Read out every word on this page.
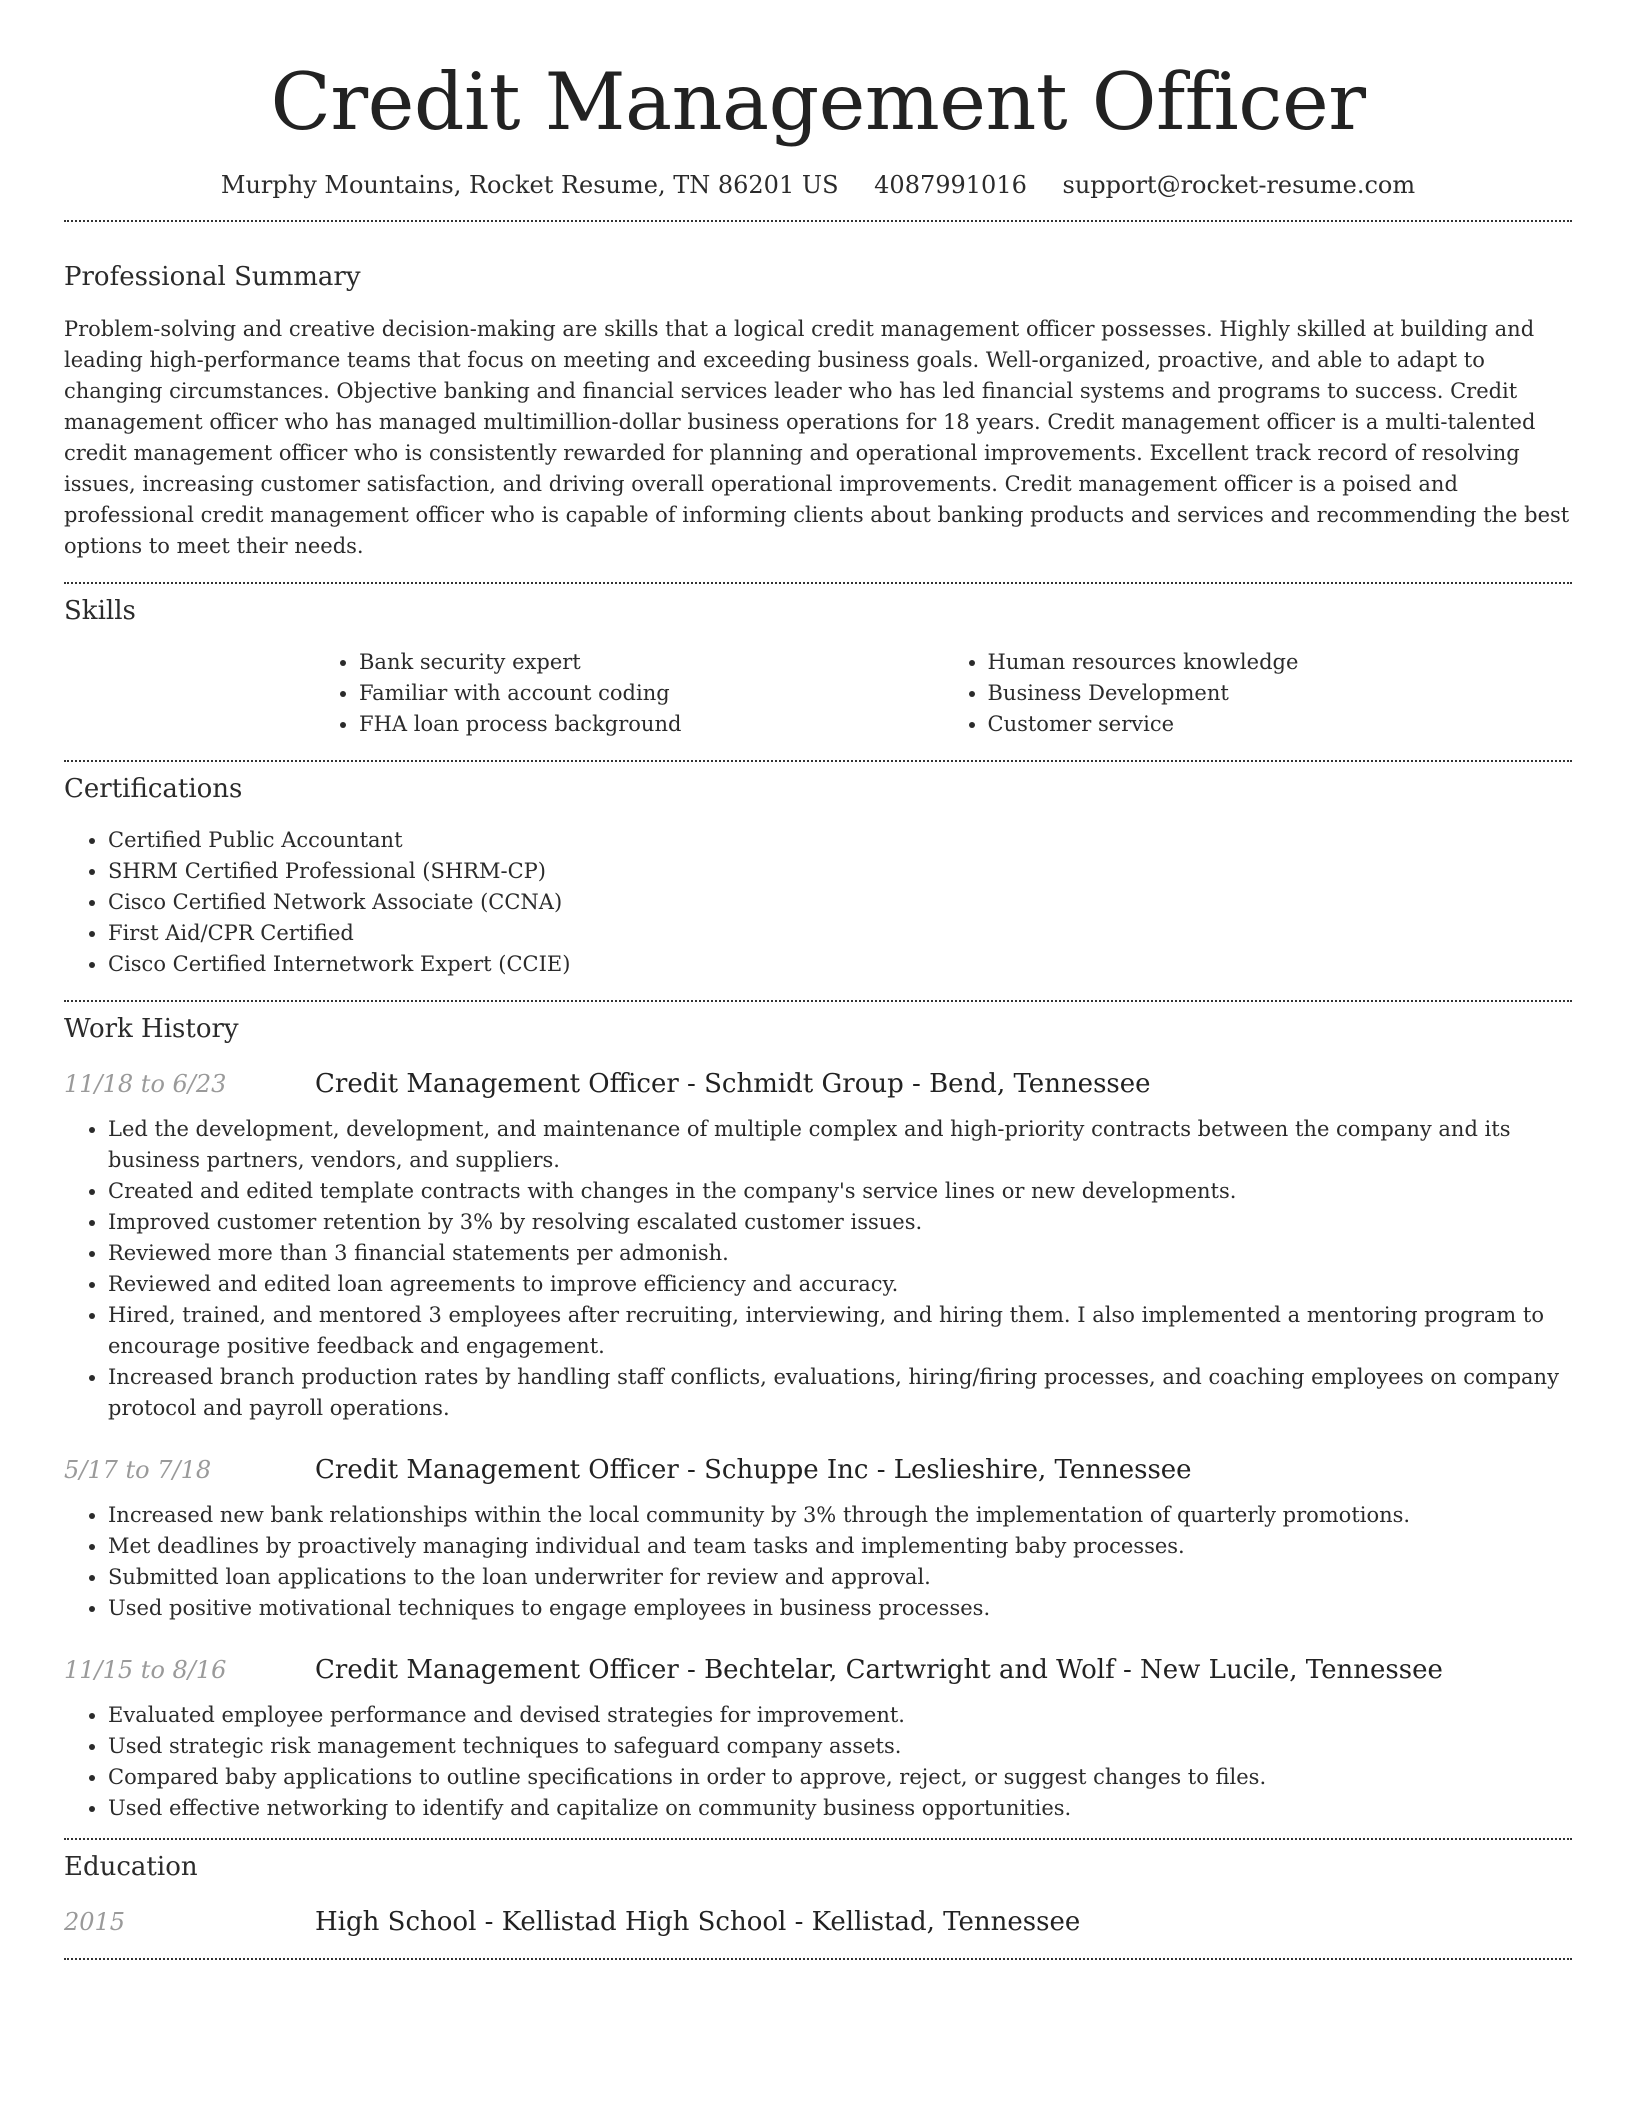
Credit Management Officer
Murphy Mountains, Rocket Resume, TN 86201 US 4087991016 support@rocket-resume.com
Professional Summary

Problem-solving and creative decision-making are skills that a logical credit management officer possesses. Highly skilled at building and leading high-performance teams that focus on meeting and exceeding business goals. Well-organized, proactive, and able to adapt to changing circumstances. Objective banking and financial services leader who has led financial systems and programs to success. Credit management officer who has managed multimillion-dollar business operations for 18 years. Credit management officer is a multi-talented credit management officer who is consistently rewarded for planning and operational improvements. Excellent track record of resolving issues, increasing customer satisfaction, and driving overall operational improvements. Credit management officer is a poised and professional credit management officer who is capable of informing clients about banking products and services and recommending the best options to meet their needs.

Skills
• Bank security expert
• Familiar with account coding
• FHA loan process background
• Human resources knowledge
• Business Development
• Customer service
Certifications
• Certified Public Accountant
• SHRM Certified Professional (SHRM-CP)
• Cisco Certified Network Associate (CCNA)
• First Aid/CPR Certified
• Cisco Certified Internetwork Expert (CCIE)
Work History
11/18 to 6/23	Credit Management Officer - Schmidt Group - Bend, Tennessee
• Led the development, development, and maintenance of multiple complex and high-priority contracts between the company and its business partners, vendors, and suppliers.
• Created and edited template contracts with changes in the company's service lines or new developments.
• Improved customer retention by 3% by resolving escalated customer issues.
• Reviewed more than 3 financial statements per admonish.
• Reviewed and edited loan agreements to improve efficiency and accuracy.
• Hired, trained, and mentored 3 employees after recruiting, interviewing, and hiring them. I also implemented a mentoring program to encourage positive feedback and engagement.
• Increased branch production rates by handling staff conflicts, evaluations, hiring/firing processes, and coaching employees on company protocol and payroll operations.
5/17 to 7/18	Credit Management Officer - Schuppe Inc - Leslieshire, Tennessee
• Increased new bank relationships within the local community by 3% through the implementation of quarterly promotions.
• Met deadlines by proactively managing individual and team tasks and implementing baby processes.
• Submitted loan applications to the loan underwriter for review and approval.
• Used positive motivational techniques to engage employees in business processes.
11/15 to 8/16	Credit Management Officer - Bechtelar, Cartwright and Wolf - New Lucile, Tennessee
• Evaluated employee performance and devised strategies for improvement.
• Used strategic risk management techniques to safeguard company assets.
• Compared baby applications to outline specifications in order to approve, reject, or suggest changes to files.
• Used effective networking to identify and capitalize on community business opportunities.
Education
2015	High School - Kellistad High School - Kellistad, Tennessee
